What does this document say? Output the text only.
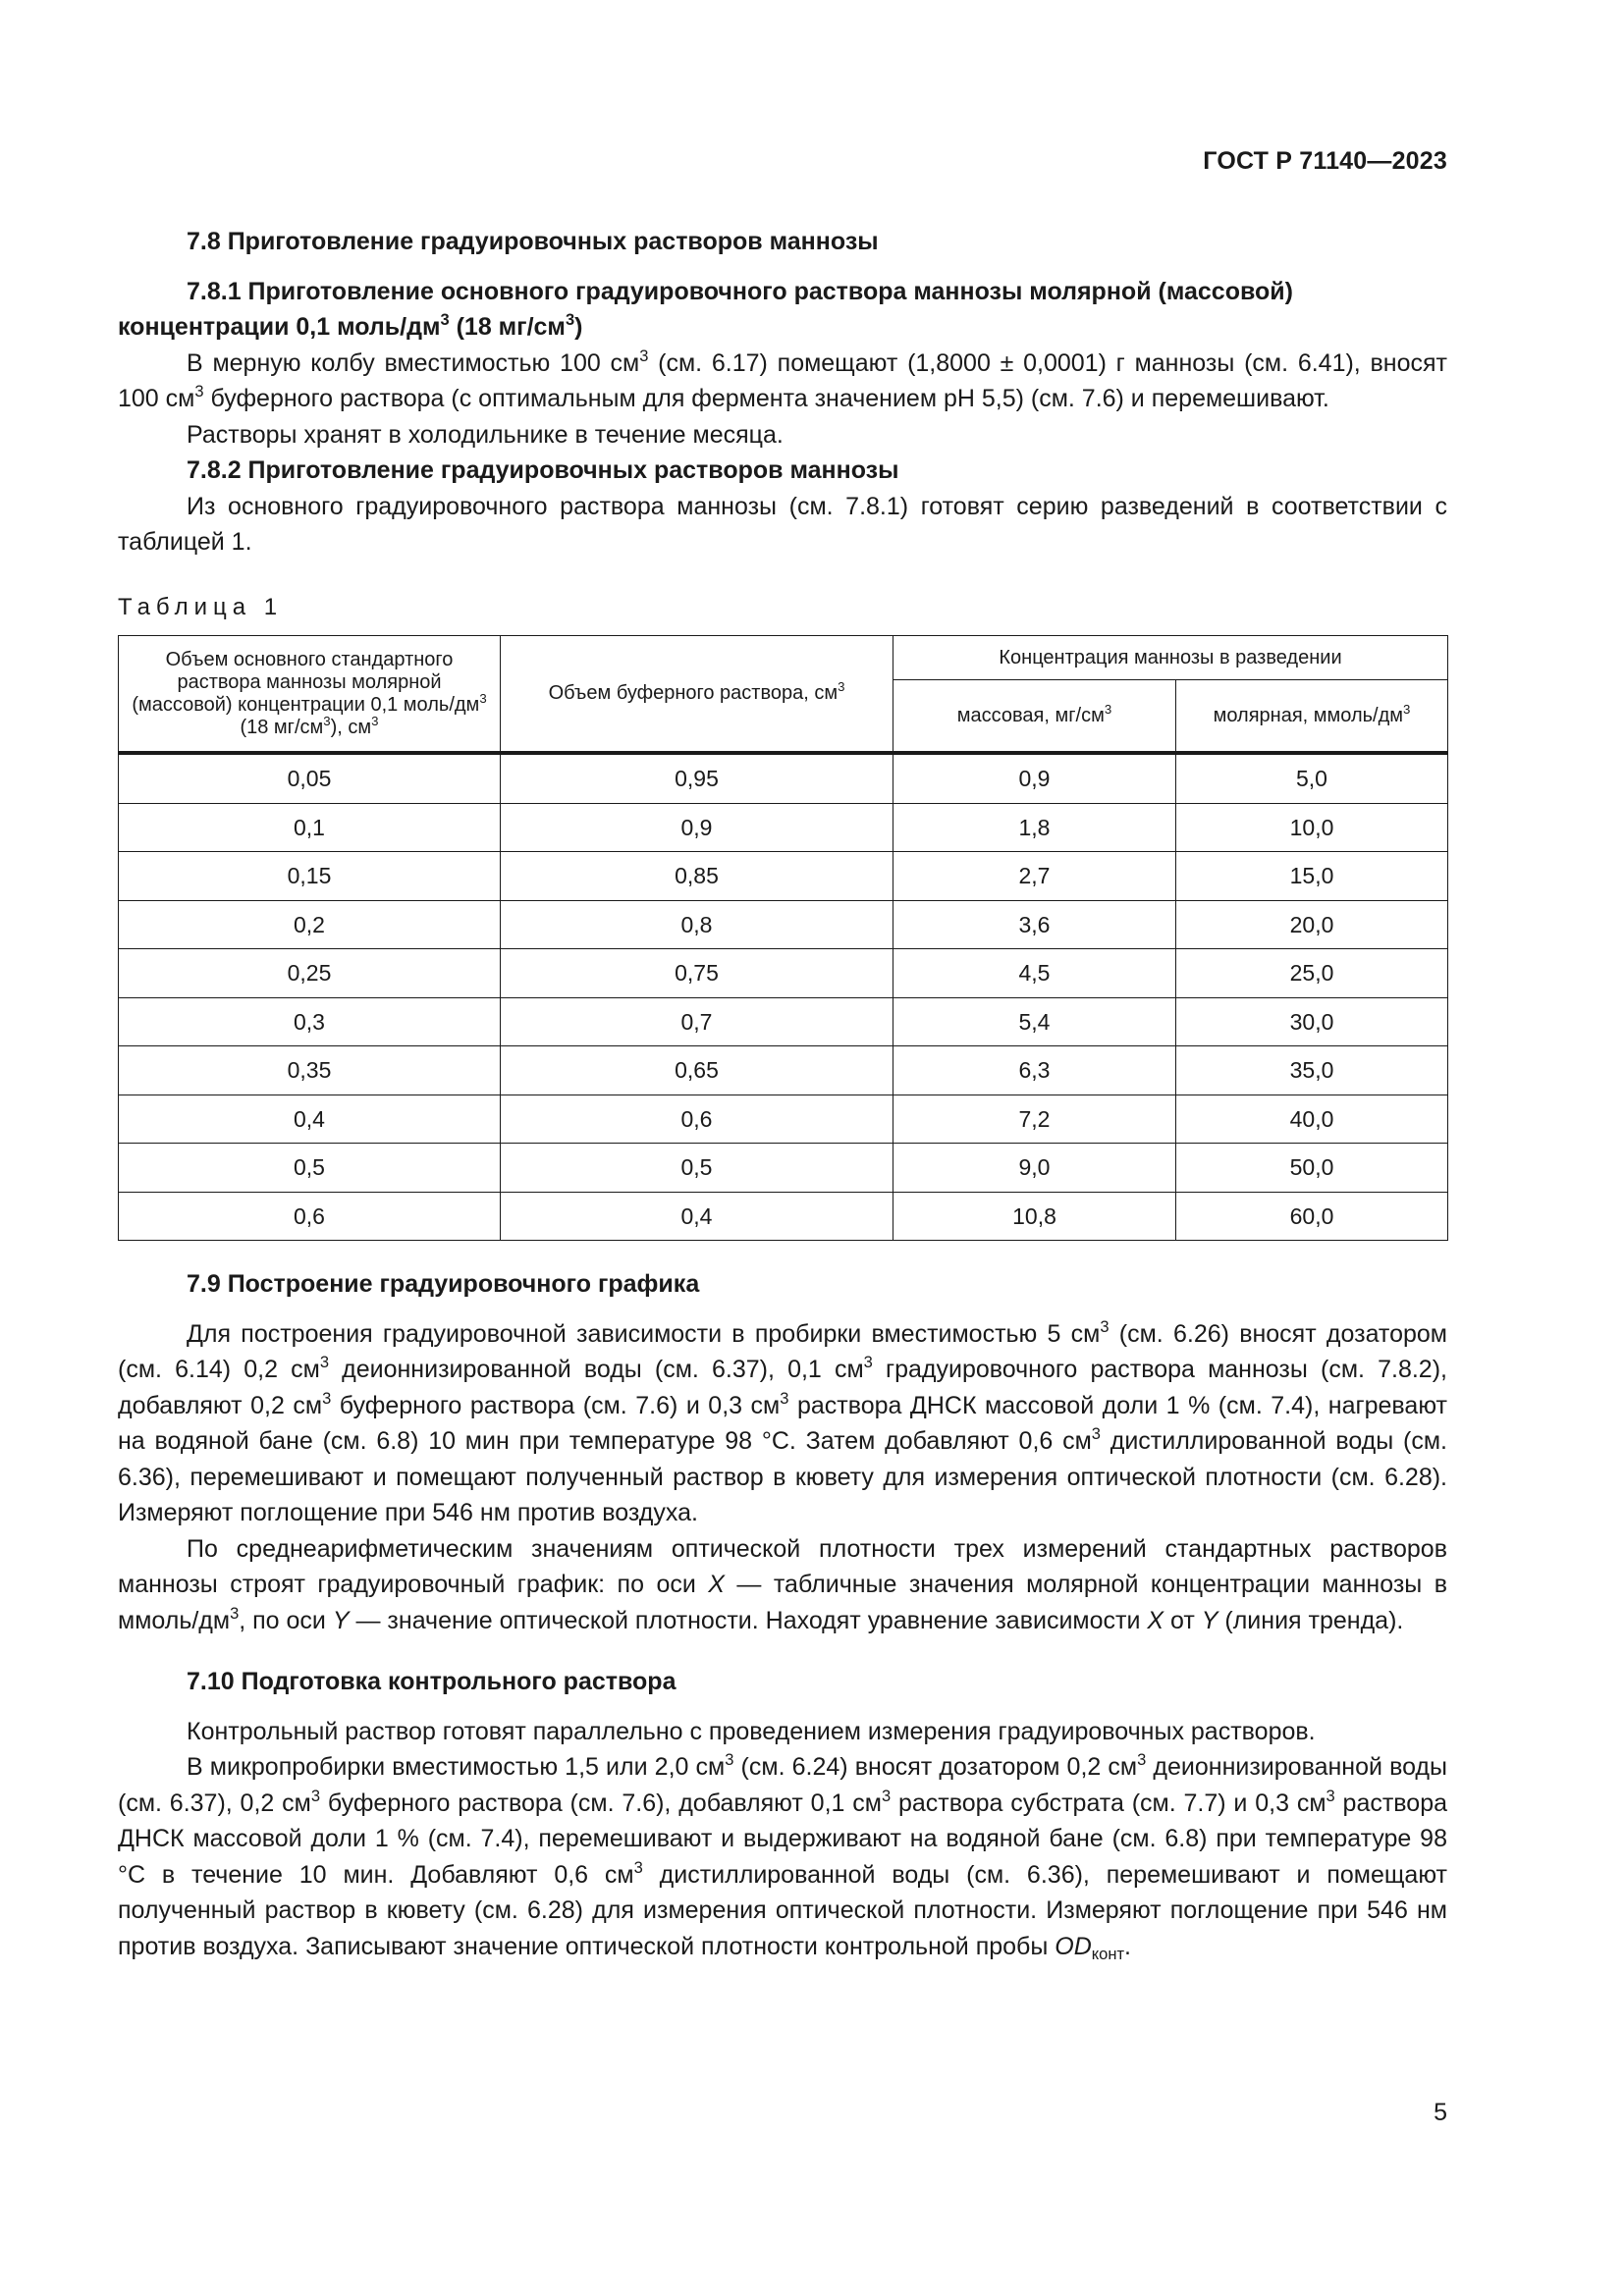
ГОСТ Р 71140—2023

7.8 Приготовление градуировочных растворов маннозы

7.8.1 Приготовление основного градуировочного раствора маннозы молярной (массовой) концентрации 0,1 моль/$дм^3$ (18 $мг/см^3$)

В мерную колбу вместимостью 100 $см^3$ (см. 6.17) помещают (1,8000 ± 0,0001) г маннозы (см. 6.41), вносят 100 $см^3$ буферного раствора (с оптимальным для фермента значением pH 5,5) (см. 7.6) и перемешивают.

Растворы хранят в холодильнике в течение месяца.

7.8.2 Приготовление градуировочных растворов маннозы

Из основного градуировочного раствора маннозы (см. 7.8.1) готовят серию разведений в соответствии с таблицей 1.

Таблица 1
Объем основного стандартного раствора маннозы молярной (массовой) концентрации 0,1 моль/$дм^3$ (18 $мг/см^3$), $см^3$	Объем буферного раствора, $см^3$	Концентрация маннозы в разведении	
		массовая, $мг/см^3$	молярная, ммоль/$дм^3$
0,05	0,95	0,9	5,0
0,1	0,9	1,8	10,0
0,15	0,85	2,7	15,0
0,2	0,8	3,6	20,0
0,25	0,75	4,5	25,0
0,3	0,7	5,4	30,0
0,35	0,65	6,3	35,0
0,4	0,6	7,2	40,0
0,5	0,5	9,0	50,0
0,6	0,4	10,8	60,0

7.9 Построение градуировочного графика

Для построения градуировочной зависимости в пробирки вместимостью 5 $см^3$ (см. 6.26) вносят дозатором (см. 6.14) 0,2 $см^3$ деионнизированной воды (см. 6.37), 0,1 $см^3$ градуировочного раствора маннозы (см. 7.8.2), добавляют 0,2 $см^3$ буферного раствора (см. 7.6) и 0,3 $см^3$ раствора ДНСК массовой доли 1 % (см. 7.4), нагревают на водяной бане (см. 6.8) 10 мин при температуре 98 °С. Затем добавляют 0,6 $см^3$ дистиллированной воды (см. 6.36), перемешивают и помещают полученный раствор в кювету для измерения оптической плотности (см. 6.28). Измеряют поглощение при 546 нм против воздуха.

По среднеарифметическим значениям оптической плотности трех измерений стандартных растворов маннозы строят градуировочный график: по оси X — табличные значения молярной концентрации маннозы в ммоль/$дм^3$, по оси Y — значение оптической плотности. Находят уравнение зависимости X от Y (линия тренда).

7.10 Подготовка контрольного раствора

Контрольный раствор готовят параллельно с проведением измерения градуировочных растворов.

В микропробирки вместимостью 1,5 или 2,0 $см^3$ (см. 6.24) вносят дозатором 0,2 $см^3$ деионнизированной воды (см. 6.37), 0,2 $см^3$ буферного раствора (см. 7.6), добавляют 0,1 $см^3$ раствора субстрата (см. 7.7) и 0,3 $см^3$ раствора ДНСК массовой доли 1 % (см. 7.4), перемешивают и выдерживают на водяной бане (см. 6.8) при температуре 98 °С в течение 10 мин. Добавляют 0,6 $см^3$ дистиллированной воды (см. 6.36), перемешивают и помещают полученный раствор в кювету (см. 6.28) для измерения оптической плотности. Измеряют поглощение при 546 нм против воздуха. Записывают значение оптической плотности контрольной пробы $OD_{конт}$.

5
